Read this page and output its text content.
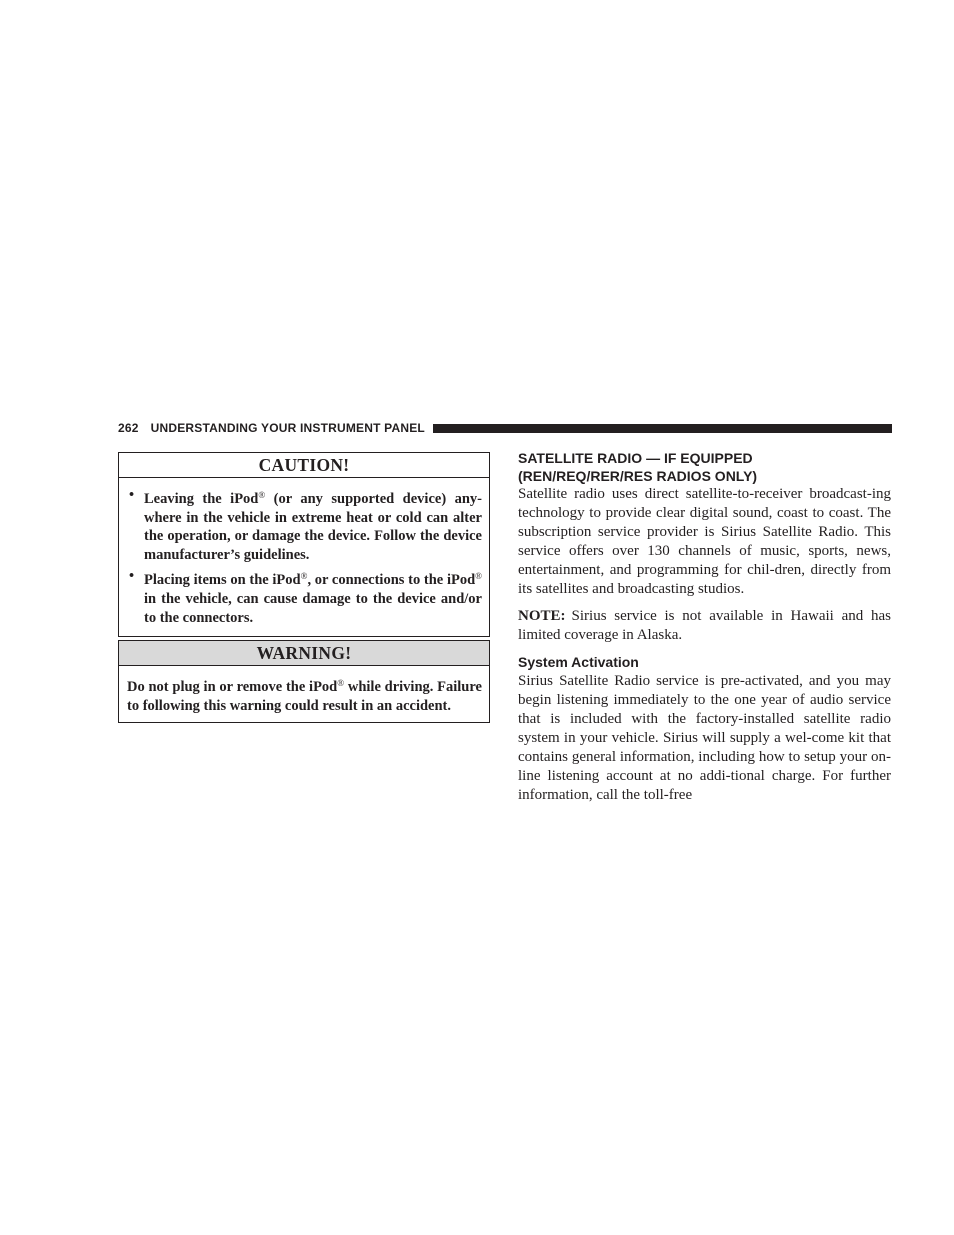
262 UNDERSTANDING YOUR INSTRUMENT PANEL
CAUTION!
• Leaving the iPod® (or any supported device) any-where in the vehicle in extreme heat or cold can alter the operation, or damage the device. Follow the device manufacturer’s guidelines.
• Placing items on the iPod®, or connections to the iPod® in the vehicle, can cause damage to the device and/or to the connectors.
WARNING!
Do not plug in or remove the iPod® while driving. Failure to following this warning could result in an accident.

SATELLITE RADIO — IF EQUIPPED
(REN/REQ/RER/RES RADIOS ONLY)

Satellite radio uses direct satellite-to-receiver broadcast-ing technology to provide clear digital sound, coast to coast. The subscription service provider is Sirius Satellite Radio. This service offers over 130 channels of music, sports, news, entertainment, and programming for chil-dren, directly from its satellites and broadcasting studios.

NOTE: Sirius service is not available in Hawaii and has limited coverage in Alaska.

System Activation

Sirius Satellite Radio service is pre-activated, and you may begin listening immediately to the one year of audio service that is included with the factory-installed satellite radio system in your vehicle. Sirius will supply a wel-come kit that contains general information, including how to setup your on-line listening account at no addi-tional charge. For further information, call the toll-free
